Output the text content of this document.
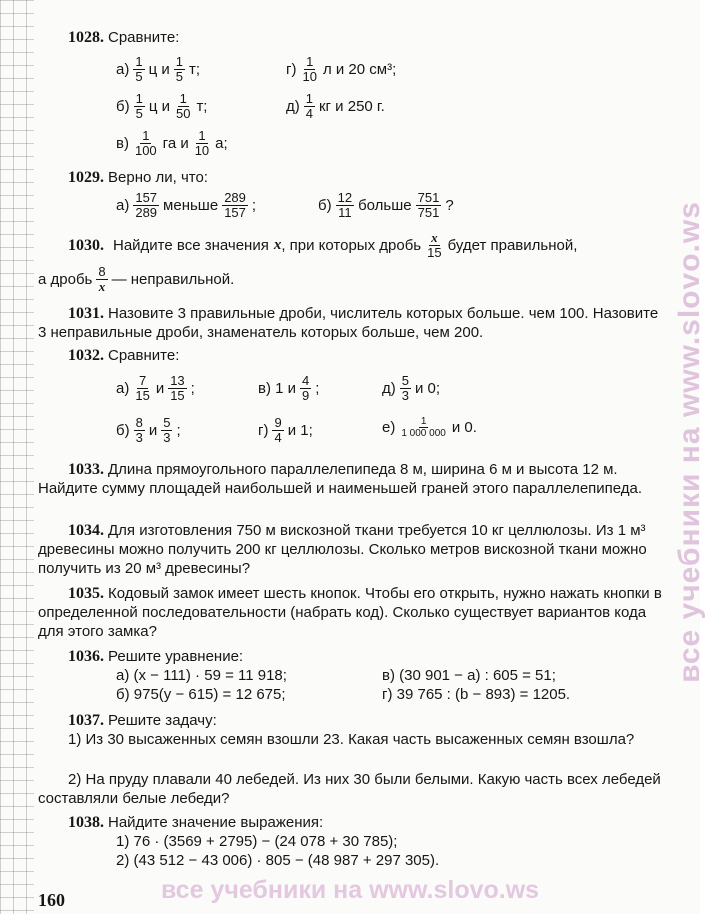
1028. Сравните:
$а) \frac{1}{5}$ ц и $\frac{1}{5} т$;	$г) \frac{1}{10}$ л и 20 см³;
$б) \frac{1}{5}$ ц и $\frac{1}{50} т$;	$д) \frac{1}{4}$ кг и 250 г.
$в) \frac{1}{100}$ га и $\frac{1}{10} а$;
1029. Верно ли, что:
$а) \frac{157}{289}$ меньше $\frac{289}{157}$ ;	$б) \frac{12}{11}$ больше $\frac{751}{751}$ ?
1030. Найдите все значения x , при которых дробь $\frac{x}{15}$ будет правильной,
а дробь $\frac{8}{x}$ — неправильной.
1031. Назовите 3 правильные дроби, числитель которых больше. чем 100. Назовите 3 неправильные дроби, знаменатель которых больше, чем 200.
1032. Сравните:
$а) \frac{7}{15}$ и $\frac{13}{15}$ ;	в) 1 и $\frac{4}{9}$ ;	$д) \frac{5}{3}$ и 0;
$б) \frac{8}{3}$ и $\frac{5}{3}$ ;	$г) \frac{9}{4}$ и 1;	$е) \frac{1}{1 000 000}$ и 0.
1033. Длина прямоугольного параллелепипеда 8 м, ширина 6 м и высота 12 м. Найдите сумму площадей наибольшей и наименьшей граней этого параллелепипеда.
1034. Для изготовления 750 м вискозной ткани требуется 10 кг целлюлозы. Из 1 м³ древесины можно получить 200 кг целлюлозы. Сколько метров вискозной ткани можно получить из 20 м³ древесины?
1035. Кодовый замок имеет шесть кнопок. Чтобы его открыть, нужно нажать кнопки в определенной последовательности (набрать код). Сколько существует вариантов кода для этого замка?
1036. Решите уравнение:
а) (x − 111) · 59 = 11 918;	в) (30 901 − a) : 605 = 51;
б) 975(y − 615) = 12 675;	г) 39 765 : (b − 893) = 1205.
1037. Решите задачу:
1) Из 30 высаженных семян взошли 23. Какая часть высаженных семян взошла?
2) На пруду плавали 40 лебедей. Из них 30 были белыми. Какую часть всех лебедей составляли белые лебеди?
1038. Найдите значение выражения:
1) 76 · (3569 + 2795) − (24 078 + 30 785);
2) (43 512 − 43 006) · 805 − (48 987 + 297 305).
все учебники на www.slovo.ws
все учебники на www.slovo.ws
160
